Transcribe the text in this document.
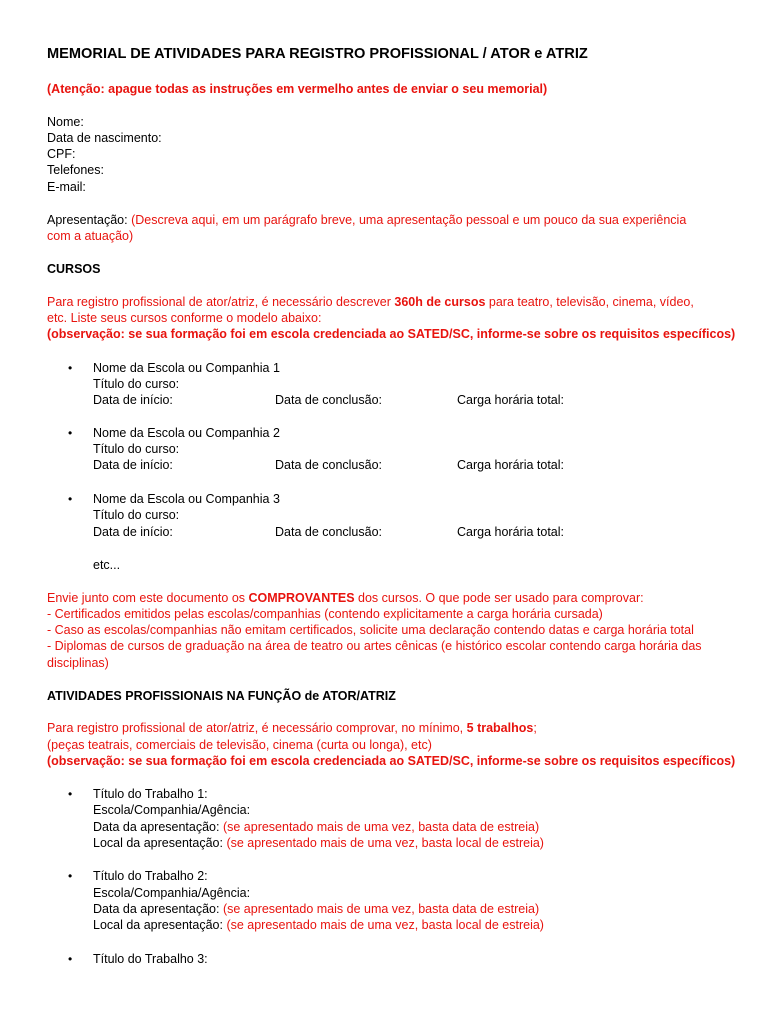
MEMORIAL DE ATIVIDADES PARA REGISTRO PROFISSIONAL / ATOR e ATRIZ
(Atenção: apague todas as instruções em vermelho antes de enviar o seu memorial)
Nome:
Data de nascimento:
CPF:
Telefones:
E-mail:
Apresentação: (Descreva aqui, em um parágrafo breve, uma apresentação pessoal e um pouco da sua experiência
com a atuação)
CURSOS
Para registro profissional de ator/atriz, é necessário descrever 360h de cursos para teatro, televisão, cinema, vídeo,
etc. Liste seus cursos conforme o modelo abaixo:
(observação: se sua formação foi em escola credenciada ao SATED/SC, informe-se sobre os requisitos específicos)
• Nome da Escola ou Companhia 1
Título do curso:
Data de início:	Data de conclusão:	Carga horária total:
• Nome da Escola ou Companhia 2
Título do curso:
Data de início:	Data de conclusão:	Carga horária total:
• Nome da Escola ou Companhia 3
Título do curso:
Data de início:	Data de conclusão:	Carga horária total:
etc...
Envie junto com este documento os COMPROVANTES dos cursos. O que pode ser usado para comprovar:
- Certificados emitidos pelas escolas/companhias (contendo explicitamente a carga horária cursada)
- Caso as escolas/companhias não emitam certificados, solicite uma declaração contendo datas e carga horária total
- Diplomas de cursos de graduação na área de teatro ou artes cênicas (e histórico escolar contendo carga horária das
disciplinas)
ATIVIDADES PROFISSIONAIS NA FUNÇÃO de ATOR/ATRIZ
Para registro profissional de ator/atriz, é necessário comprovar, no mínimo, 5 trabalhos;
(peças teatrais, comerciais de televisão, cinema (curta ou longa), etc)
(observação: se sua formação foi em escola credenciada ao SATED/SC, informe-se sobre os requisitos específicos)
• Título do Trabalho 1:
Escola/Companhia/Agência:
Data da apresentação: (se apresentado mais de uma vez, basta data de estreia)
Local da apresentação: (se apresentado mais de uma vez, basta local de estreia)
• Título do Trabalho 2:
Escola/Companhia/Agência:
Data da apresentação: (se apresentado mais de uma vez, basta data de estreia)
Local da apresentação: (se apresentado mais de uma vez, basta local de estreia)
• Título do Trabalho 3:
